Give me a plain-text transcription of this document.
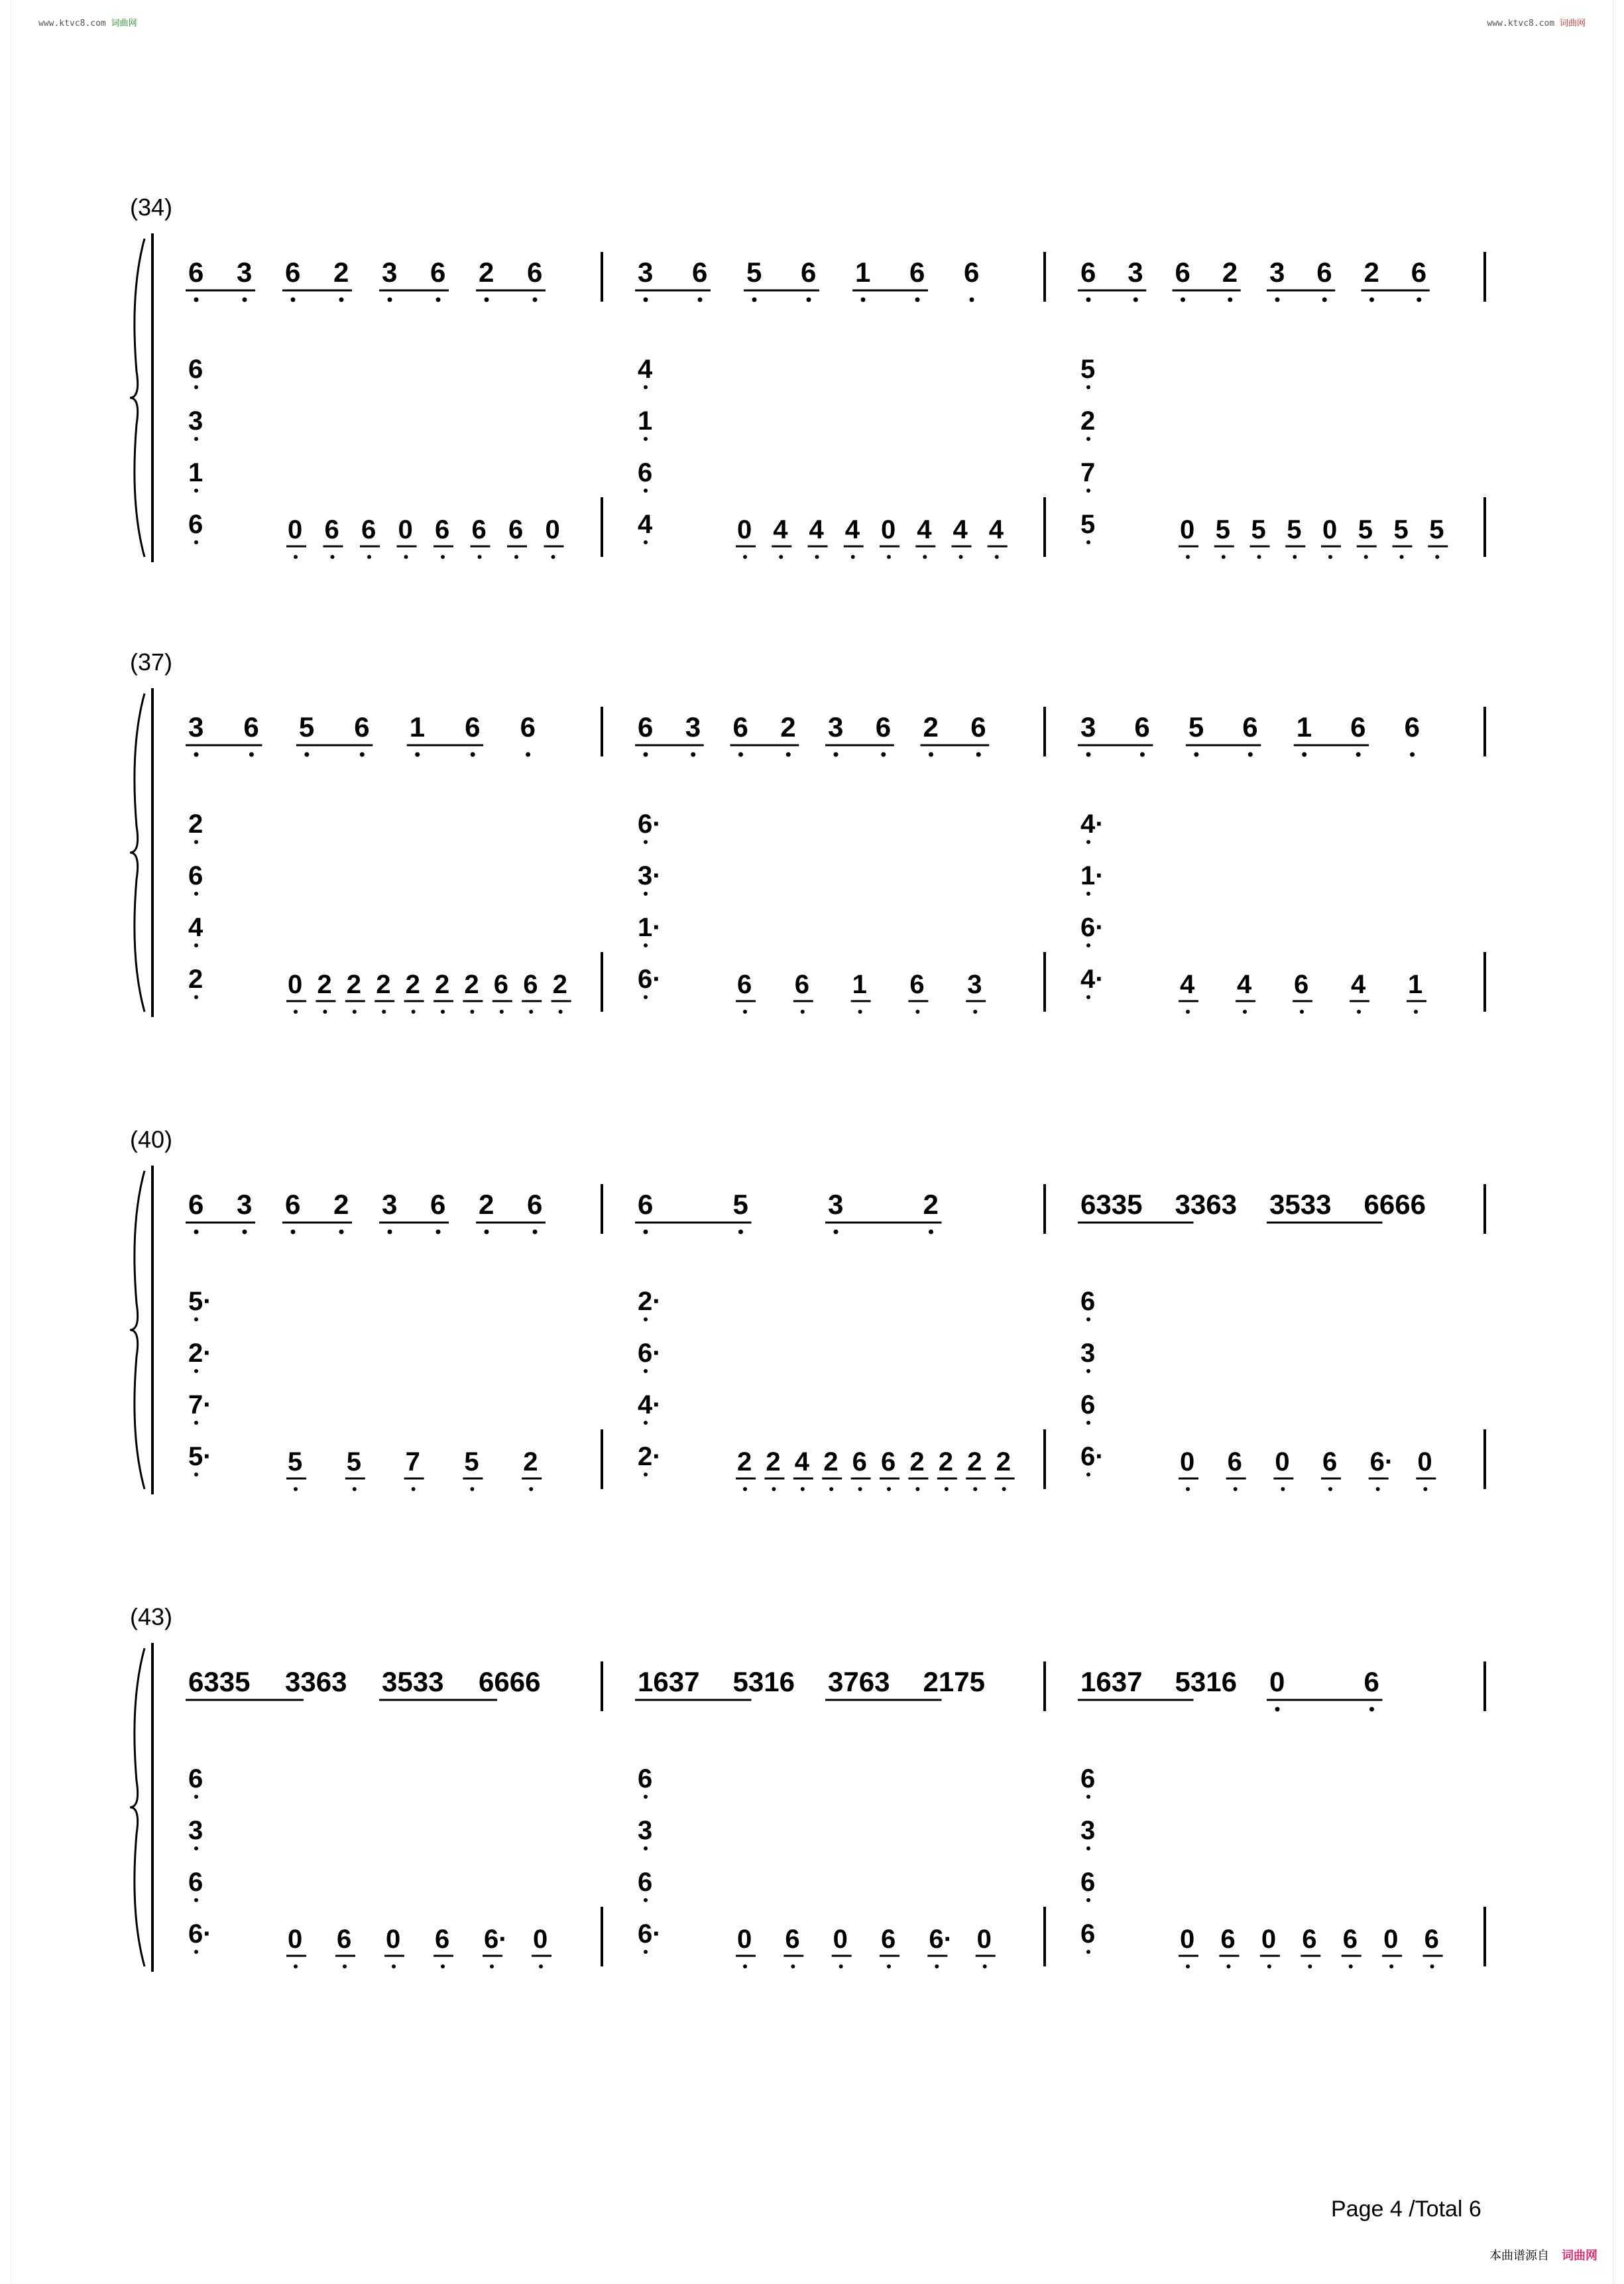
www.ktvc8.com 词曲网	www.ktvc8.com 词曲网
(34)
(37)
(40)
(43)
6 3 6 2 3 6 2 6	3 6 5 6 1 6 6	6 3 6 2 3 6 2 6
6
3
1
6
4
1
6
4
5
2
7
5
0 6 6 0 6 6 6 0	0 4 4 4 0 4 4 4	0 5 5 5 0 5 5 5
3 6 5 6 1 6 6	6 3 6 2 3 6 2 6	3 6 5 6 1 6 6
2
6
4
2
6·
3·
1·
6·
4·
1·
6·
4·
0 2 2 2 2 2 2 6 6 2	6 6 1 6 3	4 4 6 4 1
6 3 6 2 3 6 2 6	6	5	3	2	6335 3363 3533 6666
5·
2·
7·
5·
2·
6·
4·
2·
6
3
6
6·
5 5 7 5 2	2 2 4 2 6 6 2 2 2 2	0 6 0 6 6· 0
6335 3363 3533 6666	1637 5316 3763 2175	1637 5316 0	6
6
3
6
6·
6
3
6
6·
6
3
6
6
0 6 0 6 6· 0	0 6 0 6 6· 0	0 6 0 6 6 0 6
Page 4 /Total 6
本曲谱源自 词曲网
